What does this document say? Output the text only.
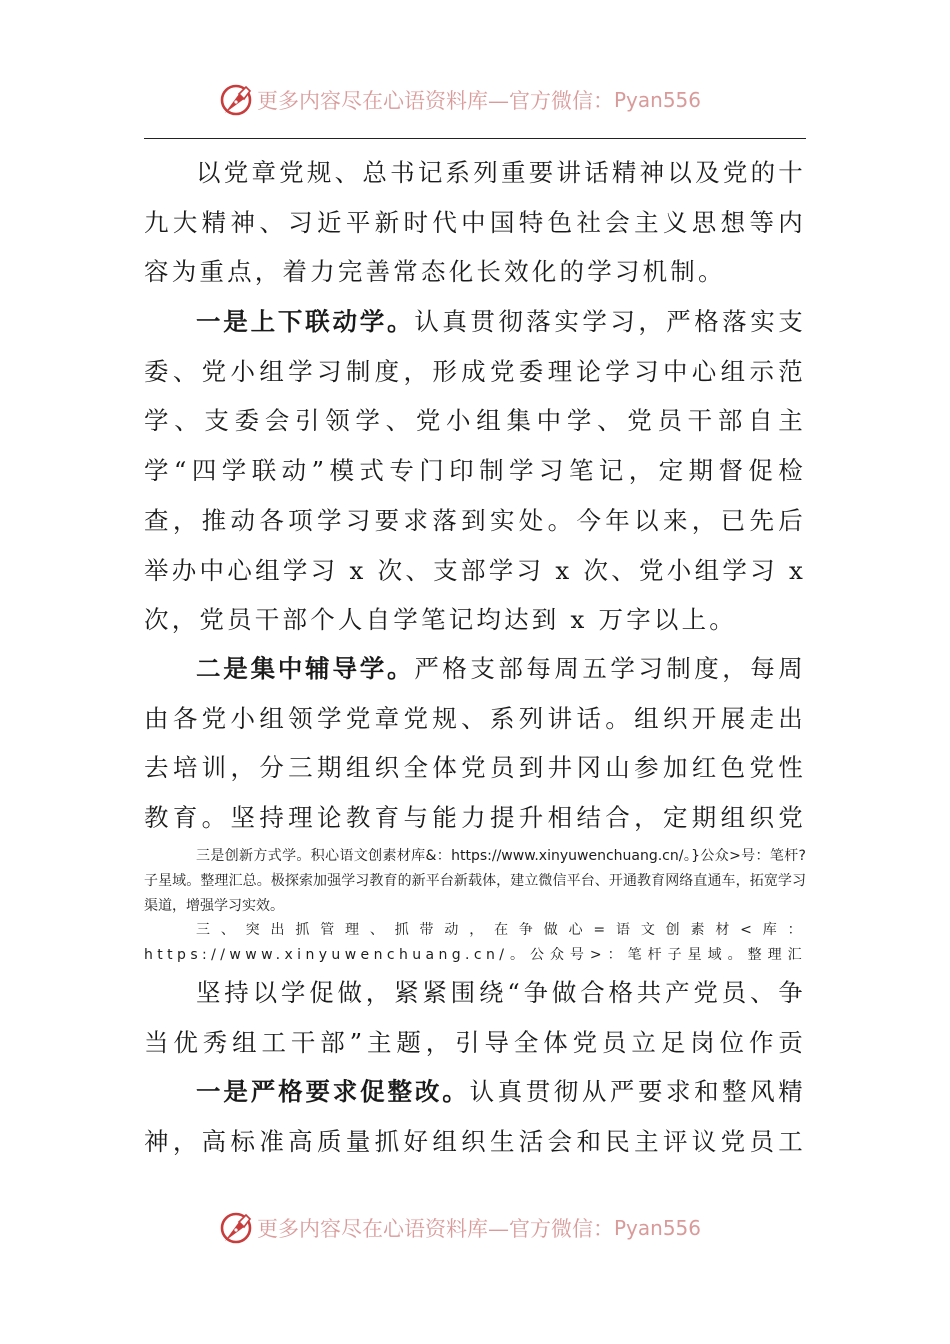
更多内容尽在心语资料库—官方微信： Pyan556

以党章党规、总书记系列重要讲话精神以及党的十九大精神、习近平新时代中国特色社会主义思想等内容为重点，着力完善常态化长效化的学习机制。

一是上下联动学。认真贯彻落实学习，严格落实支委、党小组学习制度，形成党委理论学习中心组示范学、支委会引领学、党小组集中学、党员干部自主学“四学联动”模式专门印制学习笔记，定期督促检查，推动各项学习要求落到实处。今年以来，已先后举办中心组学习 x 次、支部学习 x 次、党小组学习 x 次，党员干部个人自学笔记均达到 x 万字以上。

二是集中辅导学。严格支部每周五学习制度，每周由各党小组领学党章党规、系列讲话。组织开展走出去培训，分三期组织全体党员到井冈山参加红色党性教育。坚持理论教育与能力提升相结合，定期组织党

三是创新方式学。积心语文创素材库&：https://www.xinyuwenchuang.cn/。}公众>号：笔杆?子星域。整理汇总。极探索加强学习教育的新平台新载体，建立微信平台、开通教育网络直通车，拓宽学习渠道，增强学习实效。

三、突出抓管理、抓带动，在争做心=语文创素材<库：https://www.xinyuwenchuang.cn/。公众号>：笔杆子星域。整理汇

坚持以学促做，紧紧围绕“争做合格共产党员、争当优秀组工干部”主题，引导全体党员立足岗位作贡

一是严格要求促整改。认真贯彻从严要求和整风精神，高标准高质量抓好组织生活会和民主评议党员工

更多内容尽在心语资料库—官方微信： Pyan556
